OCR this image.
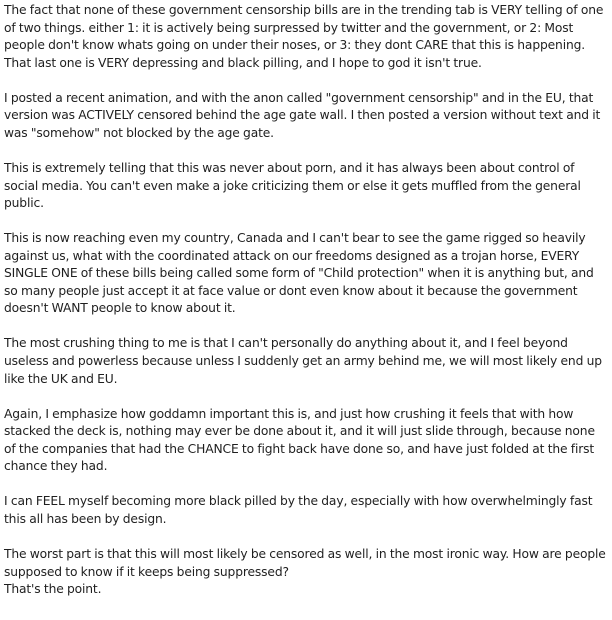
The fact that none of these government censorship bills are in the trending tab is VERY telling of one
of two things. either 1: it is actively being surpressed by twitter and the government, or 2: Most
people don't know whats going on under their noses, or 3: they dont CARE that this is happening.
That last one is VERY depressing and black pilling, and I hope to god it isn't true.

I posted a recent animation, and with the anon called "government censorship" and in the EU, that
version was ACTIVELY censored behind the age gate wall. I then posted a version without text and it
was "somehow" not blocked by the age gate.

This is extremely telling that this was never about porn, and it has always been about control of
social media. You can't even make a joke criticizing them or else it gets muffled from the general
public.

This is now reaching even my country, Canada and I can't bear to see the game rigged so heavily
against us, what with the coordinated attack on our freedoms designed as a trojan horse, EVERY
SINGLE ONE of these bills being called some form of "Child protection" when it is anything but, and
so many people just accept it at face value or dont even know about it because the government
doesn't WANT people to know about it.

The most crushing thing to me is that I can't personally do anything about it, and I feel beyond
useless and powerless because unless I suddenly get an army behind me, we will most likely end up
like the UK and EU.

Again, I emphasize how goddamn important this is, and just how crushing it feels that with how
stacked the deck is, nothing may ever be done about it, and it will just slide through, because none
of the companies that had the CHANCE to fight back have done so, and have just folded at the first
chance they had.

I can FEEL myself becoming more black pilled by the day, especially with how overwhelmingly fast
this all has been by design.

The worst part is that this will most likely be censored as well, in the most ironic way. How are people
supposed to know if it keeps being suppressed?
That's the point.
